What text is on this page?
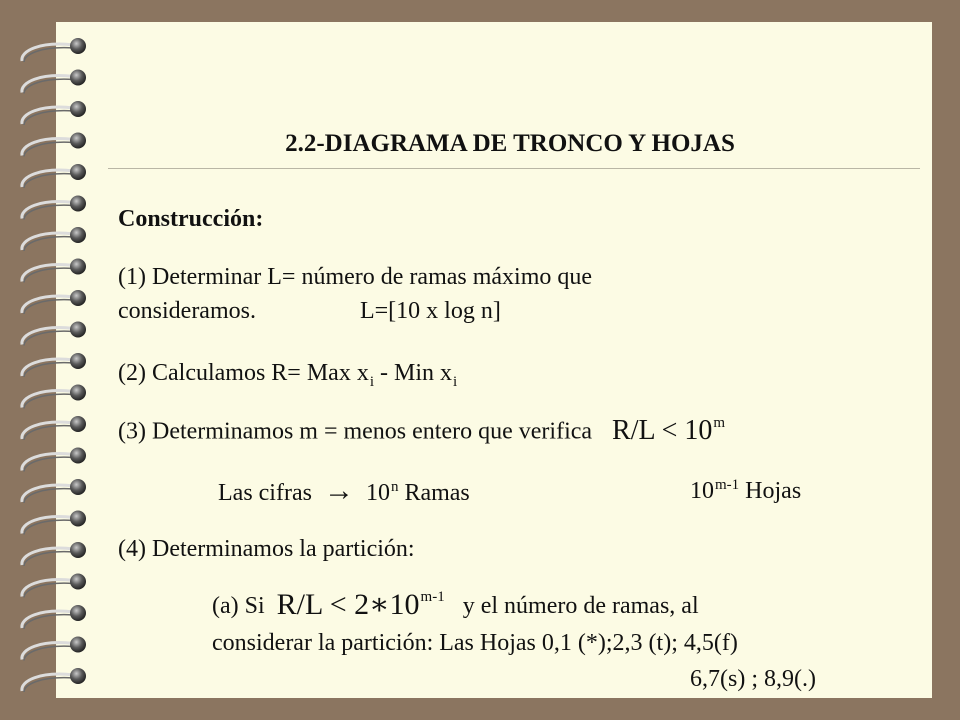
2.2-DIAGRAMA DE TRONCO Y HOJAS
Construcción:
(1) Determinar L= número de ramas máximo que
consideramos.	L=[10 x log n]
(2) Calculamos R= Max $x_i$ - Min $x_i$
(3) Determinamos m = menos entero que verifica $R/L < 10^m$
Las cifras → $10^n$ Ramas	10$^{m-1}$ Hojas
(4) Determinamos la partición:
(a) Si $R/L < 2∗10^{m-1}$ y el número de ramas, al
considerar la partición: Las Hojas 0,1 (*);2,3 (t); 4,5(f)
6,7(s) ; 8,9(.)
